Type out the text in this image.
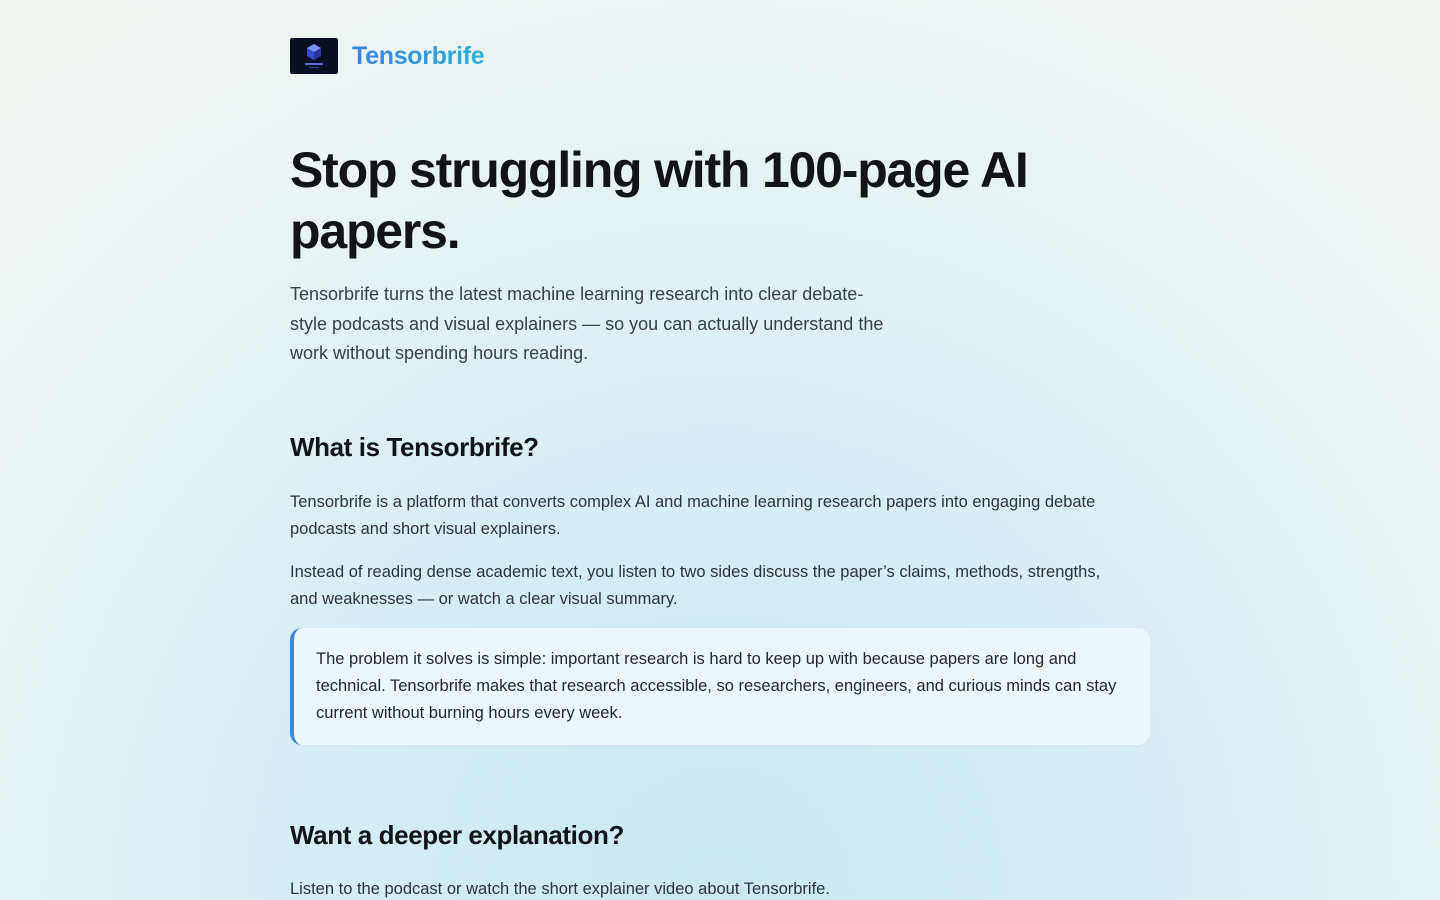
Tensorbrife
Stop struggling with 100-page AI papers.

Tensorbrife turns the latest machine learning research into clear debate-style podcasts and visual explainers — so you can actually understand the work without spending hours reading.

What is Tensorbrife?

Tensorbrife is a platform that converts complex AI and machine learning research papers into engaging debate podcasts and short visual explainers.

Instead of reading dense academic text, you listen to two sides discuss the paper’s claims, methods, strengths, and weaknesses — or watch a clear visual summary.

The problem it solves is simple: important research is hard to keep up with because papers are long and technical. Tensorbrife makes that research accessible, so researchers, engineers, and curious minds can stay current without burning hours every week.
Want a deeper explanation?

Listen to the podcast or watch the short explainer video about Tensorbrife.
